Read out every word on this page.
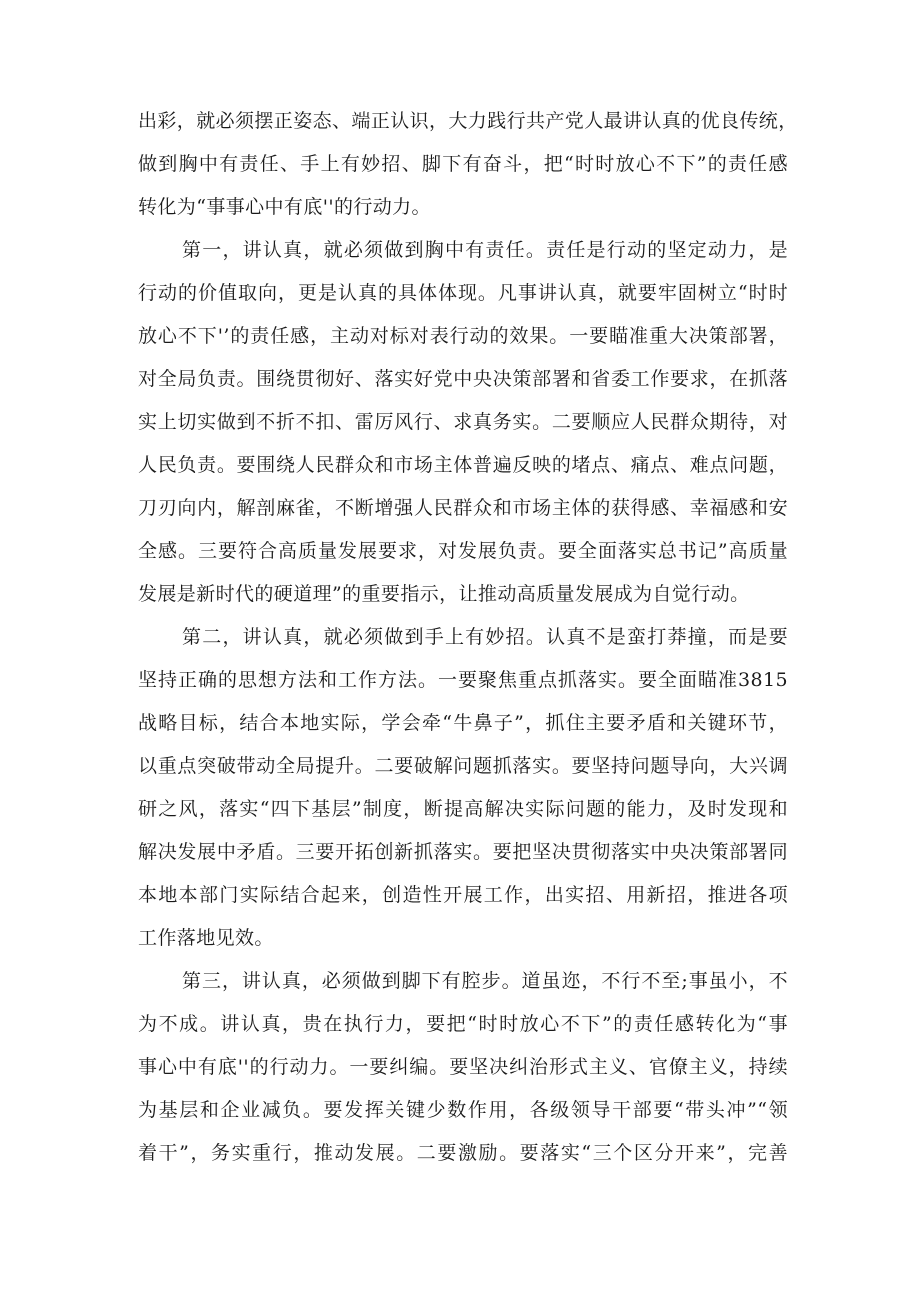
出彩，就必须摆正姿态、端正认识，大力践行共产党人最讲认真的优良传统，
做到胸中有责任、手上有妙招、脚下有奋斗，把“时时放心不下”的责任感
转化为“事事心中有底''的行动力。
第一，讲认真，就必须做到胸中有责任。责任是行动的坚定动力，是
行动的价值取向，更是认真的具体体现。凡事讲认真，就要牢固树立“时时
放心不下'’的责任感，主动对标对表行动的效果。一要瞄准重大决策部署，
对全局负责。围绕贯彻好、落实好党中央决策部署和省委工作要求，在抓落
实上切实做到不折不扣、雷厉风行、求真务实。二要顺应人民群众期待，对
人民负责。要围绕人民群众和市场主体普遍反映的堵点、痛点、难点问题，
刀刃向内，解剖麻雀，不断增强人民群众和市场主体的获得感、幸福感和安
全感。三要符合高质量发展要求，对发展负责。要全面落实总书记”高质量
发展是新时代的硬道理”的重要指示，让推动高质量发展成为自觉行动。
第二，讲认真，就必须做到手上有妙招。认真不是蛮打莽撞，而是要
坚持正确的思想方法和工作方法。一要聚焦重点抓落实。要全面瞄准3815
战略目标，结合本地实际，学会牵“牛鼻子”，抓住主要矛盾和关键环节，
以重点突破带动全局提升。二要破解问题抓落实。要坚持问题导向，大兴调
研之风，落实“四下基层”制度，断提高解决实际问题的能力，及时发现和
解决发展中矛盾。三要开拓创新抓落实。要把坚决贯彻落实中央决策部署同
本地本部门实际结合起来，创造性开展工作，出实招、用新招，推进各项
工作落地见效。
第三，讲认真，必须做到脚下有腔步。道虽迩，不行不至;事虽小，不
为不成。讲认真，贵在执行力，要把“时时放心不下”的责任感转化为“事
事心中有底''的行动力。一要纠编。要坚决纠治形式主义、官僚主义，持续
为基层和企业减负。要发挥关键少数作用，各级领导干部要“带头冲”“领
着干”，务实重行，推动发展。二要激励。要落实“三个区分开来”，完善
